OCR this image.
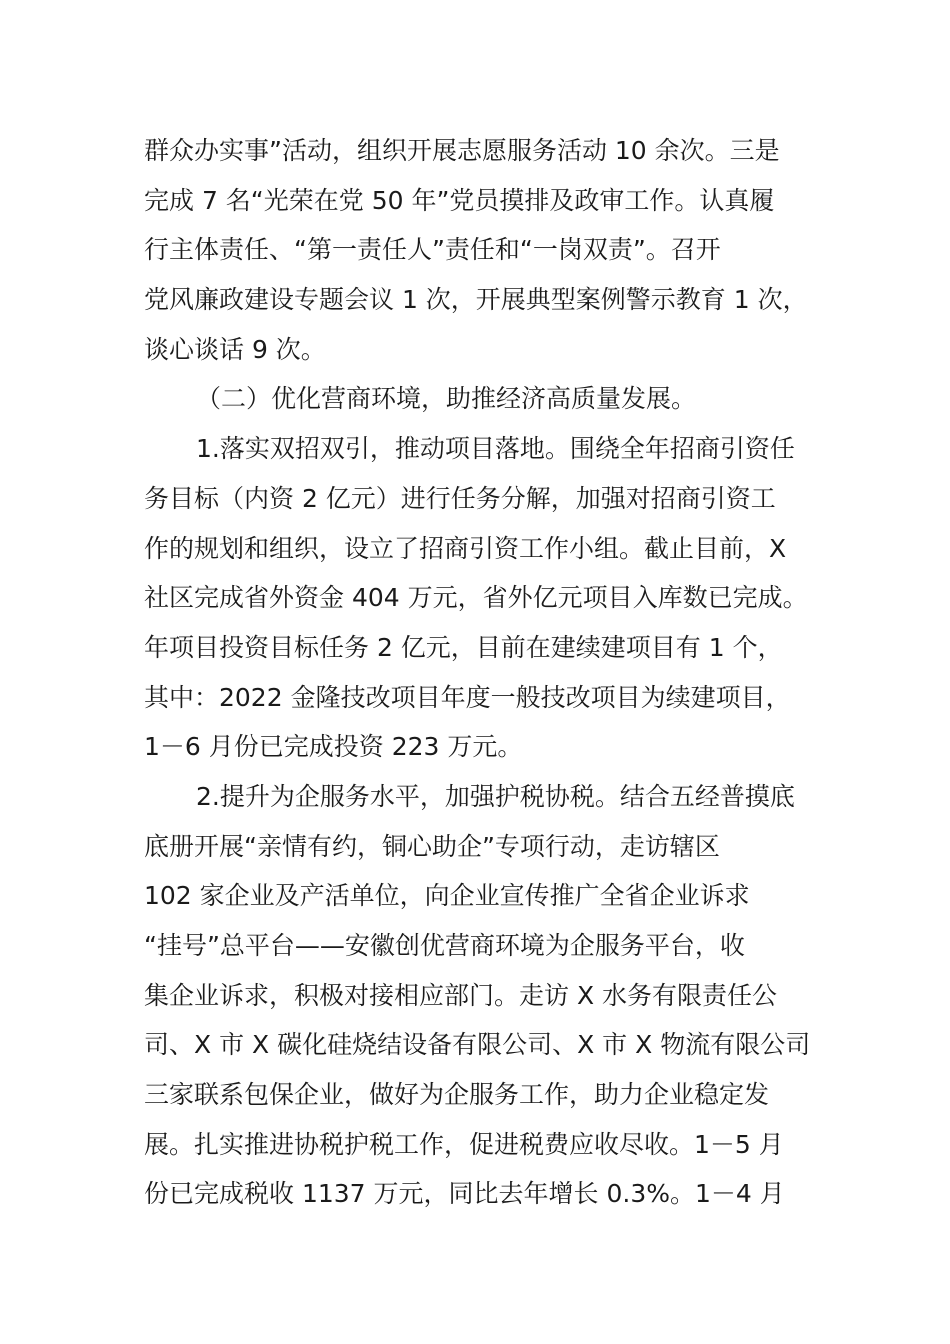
群众办实事”活动，组织开展志愿服务活动 10 余次。三是
完成 7 名“光荣在党 50 年”党员摸排及政审工作。认真履
行主体责任、“第一责任人”责任和“一岗双责”。召开
党风廉政建设专题会议 1 次，开展典型案例警示教育 1 次，
谈心谈话 9 次。
（二）优化营商环境，助推经济高质量发展。
1.落实双招双引，推动项目落地。围绕全年招商引资任
务目标（内资 2 亿元）进行任务分解，加强对招商引资工
作的规划和组织，设立了招商引资工作小组。截止目前，X
社区完成省外资金 404 万元，省外亿元项目入库数已完成。
年项目投资目标任务 2 亿元，目前在建续建项目有 1 个，
其中：2022 金隆技改项目年度一般技改项目为续建项目，
1－6 月份已完成投资 223 万元。
2.提升为企服务水平，加强护税协税。结合五经普摸底
底册开展“亲情有约，铜心助企”专项行动，走访辖区
102 家企业及产活单位，向企业宣传推广全省企业诉求
“挂号”总平台——安徽创优营商环境为企服务平台，收
集企业诉求，积极对接相应部门。走访 X 水务有限责任公
司、X 市 X 碳化硅烧结设备有限公司、X 市 X 物流有限公司
三家联系包保企业，做好为企服务工作，助力企业稳定发
展。扎实推进协税护税工作，促进税费应收尽收。1－5 月
份已完成税收 1137 万元，同比去年增长 0.3%。1－4 月
